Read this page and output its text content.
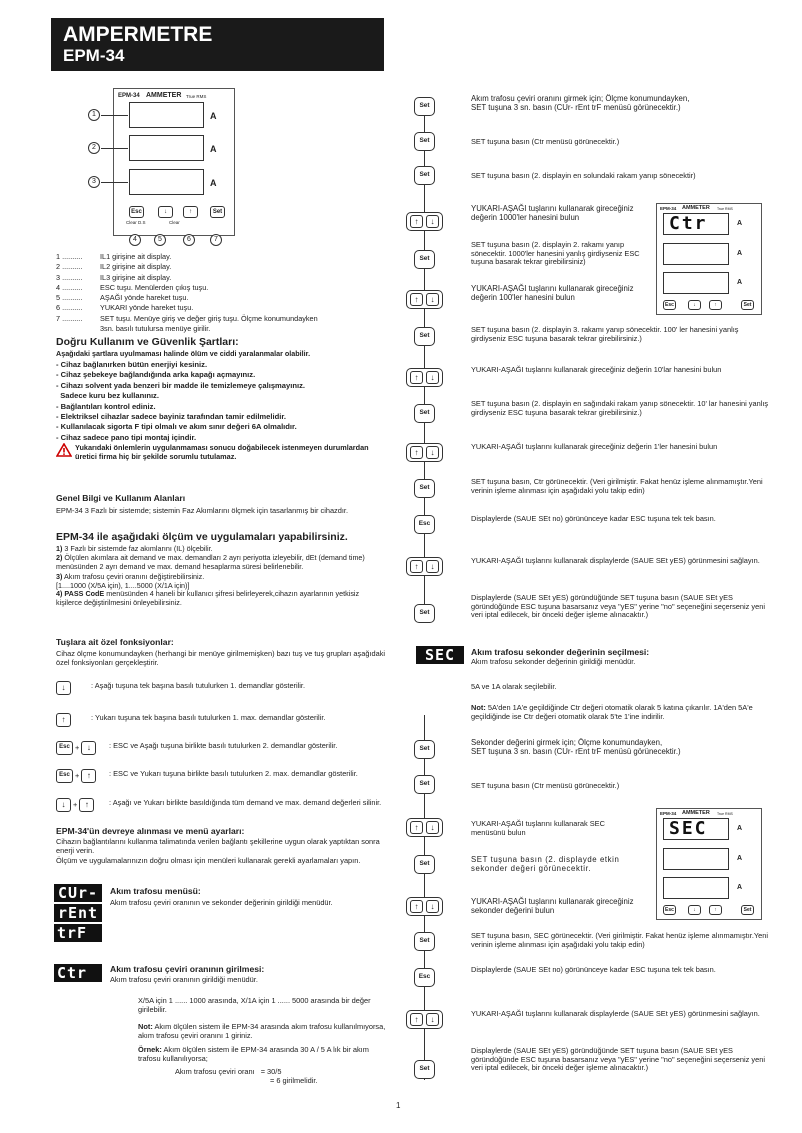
AMPERMETRE
EPM-34
EPM-34 AMMETER True RMS
A
A
A
Esc	↓	↑	Set
Clear D.S	Clear
1
2
3
4	5	6	7
1 .......... IL1 girişine ait display.
2 .......... IL2 girişine ait display.
3 .......... IL3 girişine ait display.
4 .......... ESC tuşu. Menülerden çıkış tuşu.
5 .......... AŞAĞI yönde hareket tuşu.
6 .......... YUKARI yönde hareket tuşu.
7 .......... SET tuşu. Menüye giriş ve değer giriş tuşu. Ölçme konumundayken
3sn. basılı tutulursa menüye girilir.
Doğru Kullanım ve Güvenlik Şartları:
Aşağıdaki şartlara uyulmaması halinde ölüm ve ciddi yaralanmalar olabilir.
- Cihaz bağlanırken bütün enerjiyi kesiniz.
- Cihaz şebekeye bağlandığında arka kapağı açmayınız.
- Cihazı solvent yada benzeri bir madde ile temizlemeye çalışmayınız.
Sadece kuru bez kullanınız.
- Bağlantıları kontrol ediniz.
- Elektriksel cihazlar sadece bayiniz tarafından tamir edilmelidir.
- Kullanılacak sigorta F tipi olmalı ve akım sınır değeri 6A olmalıdır.
- Cihaz sadece pano tipi montaj içindir.
Yukarıdaki önlemlerin uygulanmaması sonucu doğabilecek istenmeyen durumlardan üretici firma hiç bir şekilde sorumlu tutulamaz.
Genel Bilgi ve Kullanım Alanları
EPM-34 3 Fazlı bir sistemde; sistemin Faz Akımlarını ölçmek için tasarlanmış bir cihazdır.
EPM-34 ile aşağıdaki ölçüm ve uygulamaları yapabilirsiniz.
1) 3 Fazlı bir sistemde faz akımlarını (IL) ölçebilir.
2) Ölçülen akımlara ait demand ve max. demandları 2 ayrı periyotta izleyebilir, dEt (demand time) menüsünden 2 ayrı demand ve max. demand hesaplarma süresi belirlenebilir.
3) Akım trafosu çeviri oranını değiştirebilirsiniz.
[1....1000 (X/5A için), 1....5000 (X/1A için)]
4) PASS CodE menüsünden 4 haneli bir kullanıcı şifresi belirleyerek,cihazın ayarlarının yetkisiz kişilerce değiştirilmesini önleyebilirsiniz.
Tuşlara ait özel fonksiyonlar:
Cihaz ölçme konumundayken (herhangi bir menüye girilmemişken) bazı tuş ve tuş grupları aşağıdaki özel fonksiyonları gerçekleştirir.
↓	: Aşağı tuşuna tek başına basılı tutulurken 1. demandlar gösterilir.
↑	: Yukarı tuşuna tek başına basılı tutulurken 1. max. demandlar gösterilir.
Esc + ↓ : ESC ve Aşağı tuşuna birlikte basılı tutulurken 2. demandlar gösterilir.
Esc + ↑ : ESC ve Yukarı tuşuna birlikte basılı tutulurken 2. max. demandlar gösterilir.
↓ + ↑	: Aşağı ve Yukarı birlikte basıldığında tüm demand ve max. demand değerleri silinir.
EPM-34'ün devreye alınması ve menü ayarları:
Cihazın bağlantılarını kullanma talimatında verilen bağlantı şekillerine uygun olarak yaptıktan sonra enerji verin.
Ölçüm ve uygulamalarınızın doğru olması için menüleri kullanarak gerekli ayarlamaları yapın.
CUr-
rEnt
trF
Akım trafosu menüsü:
Akım trafosu çeviri oranının ve sekonder değerinin girildiği menüdür.
Ctr	Akım trafosu çeviri oranının girilmesi:
Akım trafosu çeviri oranının girildiği menüdür.
X/5A için 1 ...... 1000 arasında, X/1A için 1 ...... 5000 arasında bir değer girilebilir.
Not: Akım ölçülen sistem ile EPM-34 arasında akım trafosu kullanılmıyorsa, akım trafosu çeviri oranını 1 giriniz.
Örnek: Akım ölçülen sistem ile EPM-34 arasında 30 A / 5 A lık bir akım trafosu kullanılıyorsa;
Akım trafosu çeviri oranı = 30/5
= 6 girilmelidir.
Set
Set
Set
↑	↓
Set
↑	↓
Set
↑	↓
Set
↑	↓
Set
Esc
↑	↓
Set
Akım trafosu çeviri oranını girmek için; Ölçme konumundayken,
SET tuşuna 3 sn. basın (CUr- rEnt trF menüsü görünecektir.)
SET tuşuna basın (Ctr menüsü görünecektir.)
SET tuşuna basın (2. displayin en solundaki rakam yanıp sönecektir)
YUKARI-AŞAĞI tuşlarını kullanarak gireceğiniz değerin 1000'ler hanesini bulun
SET tuşuna basın (2. displayin 2. rakamı yanıp sönecektir. 1000'ler hanesini yanlış girdiyseniz ESC tuşuna basarak tekrar girebilirsiniz)
YUKARI-AŞAĞI tuşlarını kullanarak gireceğiniz değerin 100'ler hanesini bulun
SET tuşuna basın (2. displayin 3. rakamı yanıp sönecektir. 100' ler hanesini yanlış girdiyseniz ESC tuşuna basarak tekrar girebilirsiniz.)
YUKARI-AŞAĞI tuşlarını kullanarak gireceğiniz değerin 10'lar hanesini bulun
SET tuşuna basın (2. displayin en sağındaki rakam yanıp sönecektir. 10' lar hanesini yanlış girdiyseniz ESC tuşuna basarak tekrar girebilirsiniz.)
YUKARI-AŞAĞI tuşlarını kullanarak gireceğiniz değerin 1'ler hanesini bulun
SET tuşuna basın, Ctr görünecektir. (Veri girilmiştir. Fakat henüz işleme alınmamıştır.Yeni verinin işleme alınması için aşağıdaki yolu takip edin)
Displaylerde (SAUE SEt no) görününceye kadar ESC tuşuna tek tek basın.
YUKARI-AŞAĞI tuşlarını kullanarak displaylerde (SAUE SEt yES) görünmesini sağlayın.
Displaylerde (SAUE SEt yES) göründüğünde SET tuşuna basın (SAUE SEt yES göründüğünde ESC tuşuna basarsanız veya "yES" yerine "no" seçeneğini seçerseniz yeni veri iptal edilecek, bir önceki değer işleme alınacaktır.)
EPM-34 AMMETER True RMS
Ctr	A
A
A
Esc	↓	↑	Set
SEC	Akım trafosu sekonder değerinin seçilmesi:
Akım trafosu sekonder değerinin girildiği menüdür.
5A ve 1A olarak seçilebilir.
Not: 5A'den 1A'e geçildiğinde Ctr değeri otomatik olarak 5 katına çıkarılır. 1A'den 5A'e geçildiğinde ise Ctr değeri otomatik olarak 5'te 1'ine indirilir.
Set
Set
↑	↓
Set
↑	↓
Set
Esc
↑	↓
Set
Sekonder değerini girmek için; Ölçme konumundayken,
SET tuşuna 3 sn. basın (CUr- rEnt trF menüsü görünecektir.)
SET tuşuna basın (Ctr menüsü görünecektir.)
YUKARI-AŞAĞI tuşlarını kullanarak SEC menüsünü bulun
SET tuşuna basın (2. displayde etkin sekonder değeri görünecektir.
YUKARI-AŞAĞI tuşlarını kullanarak gireceğiniz sekonder değerini bulun
SET tuşuna basın, SEC görünecektir. (Veri girilmiştir. Fakat henüz işleme alınmamıştır.Yeni verinin işleme alınması için aşağıdaki yolu takip edin)
Displaylerde (SAUE SEt no) görününceye kadar ESC tuşuna tek tek basın.
YUKARI-AŞAĞI tuşlarını kullanarak displaylerde (SAUE SEt yES) görünmesini sağlayın.
Displaylerde (SAUE SEt yES) göründüğünde SET tuşuna basın (SAUE SEt yES göründüğünde ESC tuşuna basarsanız veya "yES" yerine "no" seçeneğini seçerseniz yeni veri iptal edilecek, bir önceki değer işleme alınacaktır.)
EPM-34 AMMETER True RMS
SEC	A
A
A
Esc	↓	↑	Set
1
